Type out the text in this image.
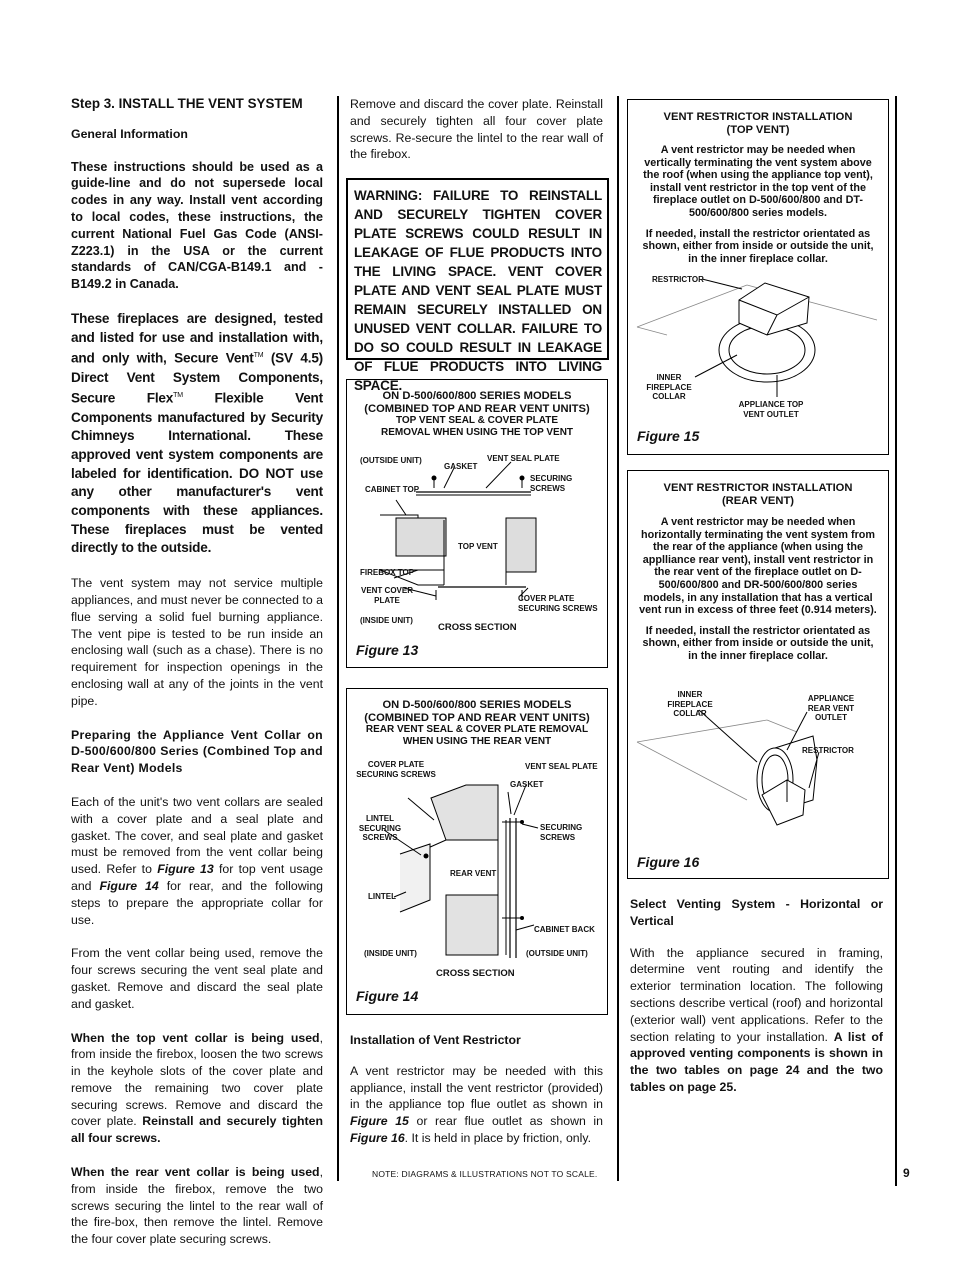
Step 3. INSTALL THE VENT SYSTEM

General Information

These instructions should be used as a guide-line and do not supersede local codes in any way. Install vent according to local codes, these instructions, the current National Fuel Gas Code (ANSI-Z223.1) in the USA or the current standards of CAN/CGA-B149.1 and - B149.2 in Canada.

These fireplaces are designed, tested and listed for use and installation with, and only with, Secure Vent™ (SV 4.5) Direct Vent System Components, Secure Flex™ Flexible Vent Components manufactured by Security Chimneys International. These approved vent system components are labeled for identification. DO NOT use any other manufacturer's vent components with these appliances. These fireplaces must be vented directly to the outside.

The vent system may not service multiple appliances, and must never be connected to a flue serving a solid fuel burning appliance. The vent pipe is tested to be run inside an enclosing wall (such as a chase). There is no requirement for inspection openings in the enclosing wall at any of the joints in the vent pipe.

Preparing the Appliance Vent Collar on D-500/600/800 Series (Combined Top and Rear Vent) Models

Each of the unit's two vent collars are sealed with a cover plate and a seal plate and gasket. The cover, and seal plate and gasket must be removed from the vent collar being used. Refer to Figure 13 for top vent usage and Figure 14 for rear, and the following steps to prepare the appropriate collar for use.

From the vent collar being used, remove the four screws securing the vent seal plate and gasket. Remove and discard the seal plate and gasket.

When the top vent collar is being used, from inside the firebox, loosen the two screws in the keyhole slots of the cover plate and remove the remaining two cover plate securing screws. Remove and discard the cover plate. Reinstall and securely tighten all four screws.

When the rear vent collar is being used, from inside the firebox, remove the two screws securing the lintel to the rear wall of the fire-box, then remove the lintel. Remove the four cover plate securing screws.

Remove and discard the cover plate. Reinstall and securely tighten all four cover plate screws. Re-secure the lintel to the rear wall of the firebox.

WARNING: FAILURE TO REINSTALL AND SECURELY TIGHTEN COVER PLATE SCREWS COULD RESULT IN LEAKAGE OF FLUE PRODUCTS INTO THE LIVING SPACE. VENT COVER PLATE AND VENT SEAL PLATE MUST REMAIN SECURELY INSTALLED ON UNUSED VENT COLLAR. FAILURE TO DO SO COULD RESULT IN LEAKAGE OF FLUE PRODUCTS INTO LIVING SPACE.
ON D-500/600/800 SERIES MODELS
(COMBINED TOP AND REAR VENT UNITS)
TOP VENT SEAL & COVER PLATE
REMOVAL WHEN USING THE TOP VENT
(OUTSIDE UNIT)
GASKET
VENT SEAL PLATE
SECURING SCREWS
CABINET TOP
TOP VENT
FIREBOX TOP
VENT COVER PLATE	COVER PLATE SECURING SCREWS
(INSIDE UNIT)
CROSS SECTION
Figure 13
ON D-500/600/800 SERIES MODELS
(COMBINED TOP AND REAR VENT UNITS)
REAR VENT SEAL & COVER PLATE REMOVAL
WHEN USING THE REAR VENT
COVER PLATE SECURING SCREWS
VENT SEAL PLATE
GASKET
LINTEL SECURING SCREWS
SECURING SCREWS
REAR VENT
LINTEL
CABINET BACK
(INSIDE UNIT)	(OUTSIDE UNIT)
CROSS SECTION
Figure 14

Installation of Vent Restrictor

A vent restrictor may be needed with this appliance, install the vent restrictor (provided) in the appliance top flue outlet as shown in Figure 15 or rear flue outlet as shown in Figure 16. It is held in place by friction, only.

NOTE: DIAGRAMS & ILLUSTRATIONS NOT TO SCALE.
VENT RESTRICTOR INSTALLATION
(TOP VENT)

A vent restrictor may be needed when vertically terminating the vent system above the roof (when using the appliance top vent), install vent restrictor in the top vent of the fireplace outlet on D-500/600/800 and DT-500/600/800 series models.

If needed, install the restrictor orientated as shown, either from inside or outside the unit, in the inner fireplace collar.

RESTRICTOR
INNER FIREPLACE COLLAR
APPLIANCE TOP VENT OUTLET
Figure 15
VENT RESTRICTOR INSTALLATION
(REAR VENT)

A vent restrictor may be needed when horizontally terminating the vent system from the rear of the appliance (when using the applliance rear vent), install vent restrictor in the rear vent of the fireplace outlet on D-500/600/800 and DR-500/600/800 series models, in any installation that has a vertical vent run in excess of three feet (0.914 meters).

If needed, install the restrictor orientated as shown, either from inside or outside the unit, in the inner fireplace collar.

INNER FIREPLACE COLLAR
APPLIANCE REAR VENT OUTLET
RESTRICTOR
Figure 16

Select Venting System - Horizontal or Vertical

With the appliance secured in framing, determine vent routing and identify the exterior termination location. The following sections describe vertical (roof) and horizontal (exterior wall) vent applications. Refer to the section relating to your installation. A list of approved venting components is shown in the two tables on page 24 and the two tables on page 25.

9
